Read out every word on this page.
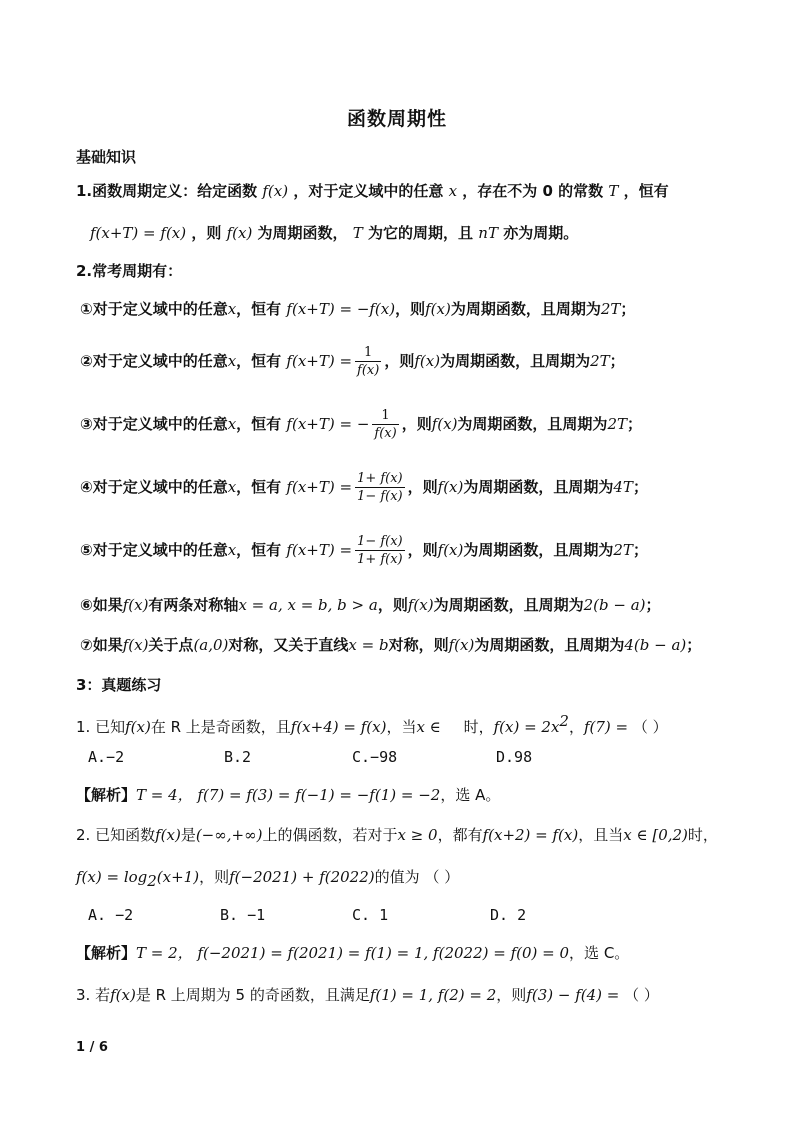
函数周期性
基础知识
1.函数周期定义：给定函数 f(x) ，对于定义域中的任意 x ，存在不为 0 的常数 T ，恒有
f(x+T) = f(x) ，则 f(x) 为周期函数， T 为它的周期，且 nT 亦为周期。
2.常考周期有：
①对于定义域中的任意x，恒有 f(x+T) = −f(x)，则f(x)为周期函数，且周期为2T；
②对于定义域中的任意x，恒有 $f(x+T) = \frac{1}{f(x)}$ ，则f(x)为周期函数，且周期为2T；
③对于定义域中的任意x，恒有 f(x+T) = − $\frac{1}{f(x)}$ ，则f(x)为周期函数，且周期为2T；
④对于定义域中的任意x，恒有 $f(x+T) = \frac{1+ f(x)}{1- f(x)}$ ，则f(x)为周期函数，且周期为4T；
⑤对于定义域中的任意x，恒有 $f(x+T) = \frac{1- f(x)}{1+ f(x)}$ ，则f(x)为周期函数，且周期为2T；
⑥如果f(x)有两条对称轴x = a, x = b, b > a，则f(x)为周期函数，且周期为2(b − a)；
⑦如果f(x)关于点(a,0)对称，又关于直线x = b对称，则f(x)为周期函数，且周期为4(b − a)；
3：真题练习
1. 已知f(x)在 R 上是奇函数，且f(x+4) = f(x)，当x ∈ 时，$f(x) = 2x^2$，f(7) = （ ）
A.−2	B.2	C.−98	D.98
【解析】T = 4， f(7) = f(3) = f(−1) = −f(1) = −2，选 A。
2. 已知函数f(x)是(−∞,+∞)上的偶函数，若对于x ≥ 0，都有f(x+2) = f(x)，且当x ∈ [0,2)时，
$f(x) = \log_2(x+1)$，则f(−2021) + f(2022)的值为 （ ）
A. −2	B. −1	C. 1	D. 2
【解析】T = 2， f(−2021) = f(2021) = f(1) = 1, f(2022) = f(0) = 0，选 C。
3. 若f(x)是 R 上周期为 5 的奇函数，且满足f(1) = 1, f(2) = 2，则f(3) − f(4) = （ ）
1 / 6
